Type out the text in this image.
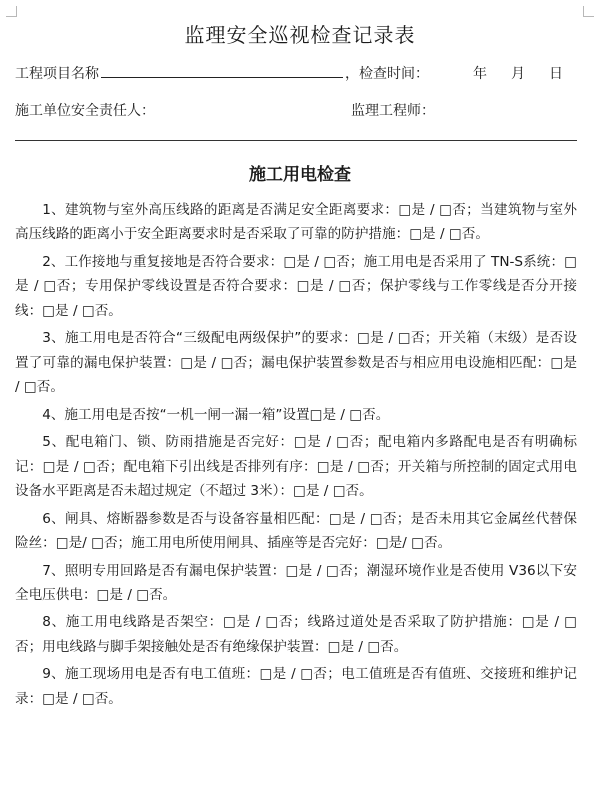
监理安全巡视检查记录表
工程项目名称	，检查时间：	年 月 日
施工单位安全责任人：	监理工程师：
施工用电检查

1、建筑物与室外高压线路的距离是否满足安全距离要求：□是 / □否；当建筑物与室外高压线路的距离小于安全距离要求时是否采取了可靠的防护措施：□是 / □否。

2、工作接地与重复接地是否符合要求：□是 / □否；施工用电是否采用了 TN-S系统：□是 / □否；专用保护零线设置是否符合要求：□是 / □否；保护零线与工作零线是否分开接线：□是 / □否。

3、施工用电是否符合“三级配电两级保护”的要求：□是 / □否；开关箱（末级）是否设置了可靠的漏电保护装置：□是 / □否；漏电保护装置参数是否与相应用电设施相匹配：□是 / □否。

4、施工用电是否按“一机一闸一漏一箱”设置□是 / □否。

5、配电箱门、锁、防雨措施是否完好：□是 / □否；配电箱内多路配电是否有明确标记：□是 / □否；配电箱下引出线是否排列有序：□是 / □否；开关箱与所控制的固定式用电设备水平距离是否未超过规定（不超过 3米）：□是 / □否。

6、闸具、熔断器参数是否与设备容量相匹配：□是 / □否；是否未用其它金属丝代替保险丝：□是/ □否；施工用电所使用闸具、插座等是否完好：□是/ □否。

7、照明专用回路是否有漏电保护装置：□是 / □否；潮湿环境作业是否使用 V36以下安全电压供电：□是 / □否。

8、施工用电线路是否架空：□是 / □否；线路过道处是否采取了防护措施：□是 / □否；用电线路与脚手架接触处是否有绝缘保护装置：□是 / □否。

9、施工现场用电是否有电工值班：□是 / □否；电工值班是否有值班、交接班和维护记录：□是 / □否。
